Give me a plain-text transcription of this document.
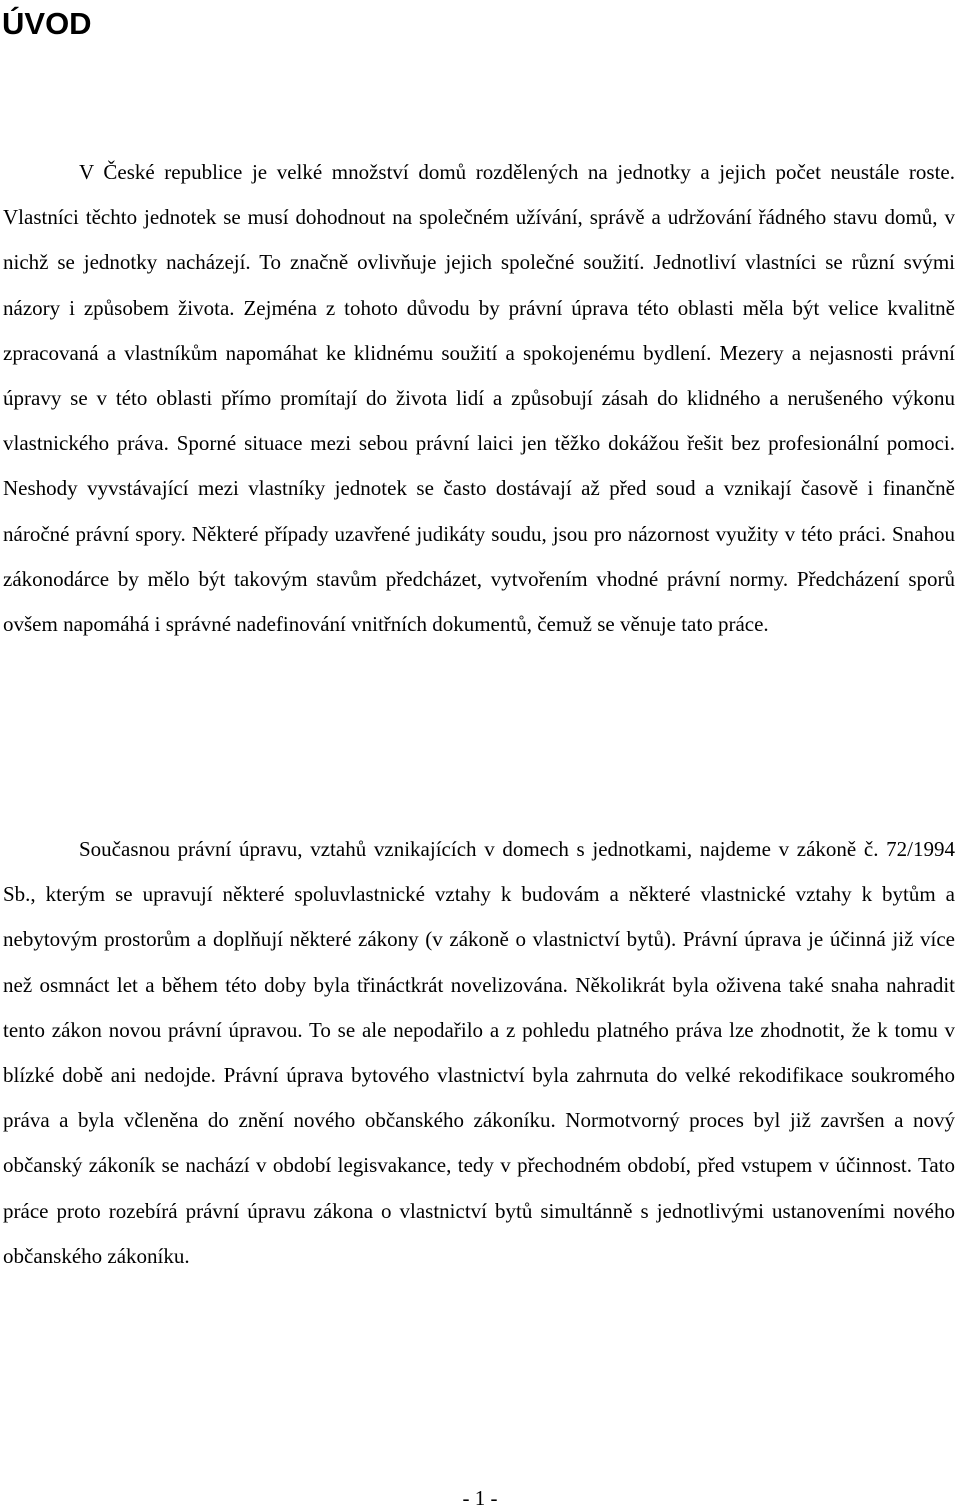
ÚVOD

V České republice je velké množství domů rozdělených na jednotky a jejich počet neustále roste. Vlastníci těchto jednotek se musí dohodnout na společném užívání, správě a udržování řádného stavu domů, v nichž se jednotky nacházejí. To značně ovlivňuje jejich společné soužití. Jednotliví vlastníci se různí svými názory i způsobem života. Zejména z tohoto důvodu by právní úprava této oblasti měla být velice kvalitně zpracovaná a vlastníkům napomáhat ke klidnému soužití a spokojenému bydlení. Mezery a nejasnosti právní úpravy se v této oblasti přímo promítají do života lidí a způsobují zásah do klidného a nerušeného výkonu vlastnického práva. Sporné situace mezi sebou právní laici jen těžko dokážou řešit bez profesionální pomoci. Neshody vyvstávající mezi vlastníky jednotek se často dostávají až před soud a vznikají časově i finančně náročné právní spory. Některé případy uzavřené judikáty soudu, jsou pro názornost využity v této práci. Snahou zákonodárce by mělo být takovým stavům předcházet, vytvořením vhodné právní normy. Předcházení sporů ovšem napomáhá i správné nadefinování vnitřních dokumentů, čemuž se věnuje tato práce.

Současnou právní úpravu, vztahů vznikajících v domech s jednotkami, najdeme v zákoně č. 72/1994 Sb., kterým se upravují některé spoluvlastnické vztahy k budovám a některé vlastnické vztahy k bytům a nebytovým prostorům a doplňují některé zákony (v zákoně o vlastnictví bytů). Právní úprava je účinná již více než osmnáct let a během této doby byla třináctkrát novelizována. Několikrát byla oživena také snaha nahradit tento zákon novou právní úpravou. To se ale nepodařilo a z pohledu platného práva lze zhodnotit, že k tomu v blízké době ani nedojde. Právní úprava bytového vlastnictví byla zahrnuta do velké rekodifikace soukromého práva a byla včleněna do znění nového občanského zákoníku. Normotvorný proces byl již završen a nový občanský zákoník se nachází v období legisvakance, tedy v přechodném období, před vstupem v účinnost. Tato práce proto rozebírá právní úpravu zákona o vlastnictví bytů simultánně s jednotlivými ustanoveními nového občanského zákoníku.

- 1 -
